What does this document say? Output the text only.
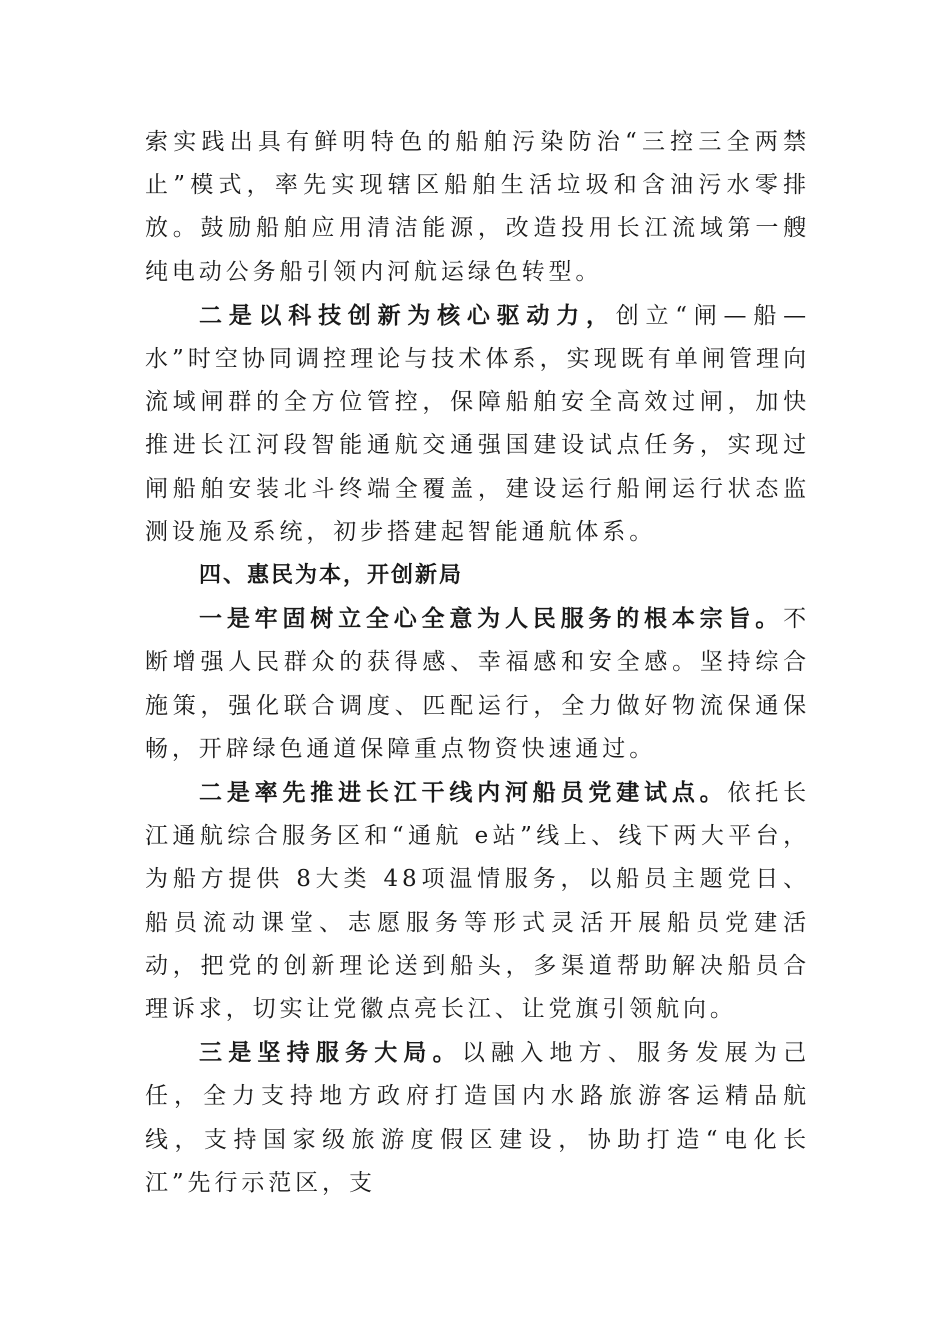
索实践出具有鲜明特色的船舶污染防治“三控三全两禁止”模式，率先实现辖区船舶生活垃圾和含油污水零排放。鼓励船舶应用清洁能源，改造投用长江流域第一艘纯电动公务船引领内河航运绿色转型。

二是以科技创新为核心驱动力，创立“闸—船—水”时空协同调控理论与技术体系，实现既有单闸管理向流域闸群的全方位管控，保障船舶安全高效过闸，加快推进长江河段智能通航交通强国建设试点任务，实现过闸船舶安装北斗终端全覆盖，建设运行船闸运行状态监测设施及系统，初步搭建起智能通航体系。

四、惠民为本，开创新局

一是牢固树立全心全意为人民服务的根本宗旨。不断增强人民群众的获得感、幸福感和安全感。坚持综合施策，强化联合调度、匹配运行，全力做好物流保通保畅，开辟绿色通道保障重点物资快速通过。

二是率先推进长江干线内河船员党建试点。依托长江通航综合服务区和“通航 e站”线上、线下两大平台，为船方提供 8大类 48项温情服务，以船员主题党日、船员流动课堂、志愿服务等形式灵活开展船员党建活动，把党的创新理论送到船头，多渠道帮助解决船员合理诉求，切实让党徽点亮长江、让党旗引领航向。

三是坚持服务大局。以融入地方、服务发展为己任，全力支持地方政府打造国内水路旅游客运精品航线，支持国家级旅游度假区建设，协助打造“电化长江”先行示范区，支
